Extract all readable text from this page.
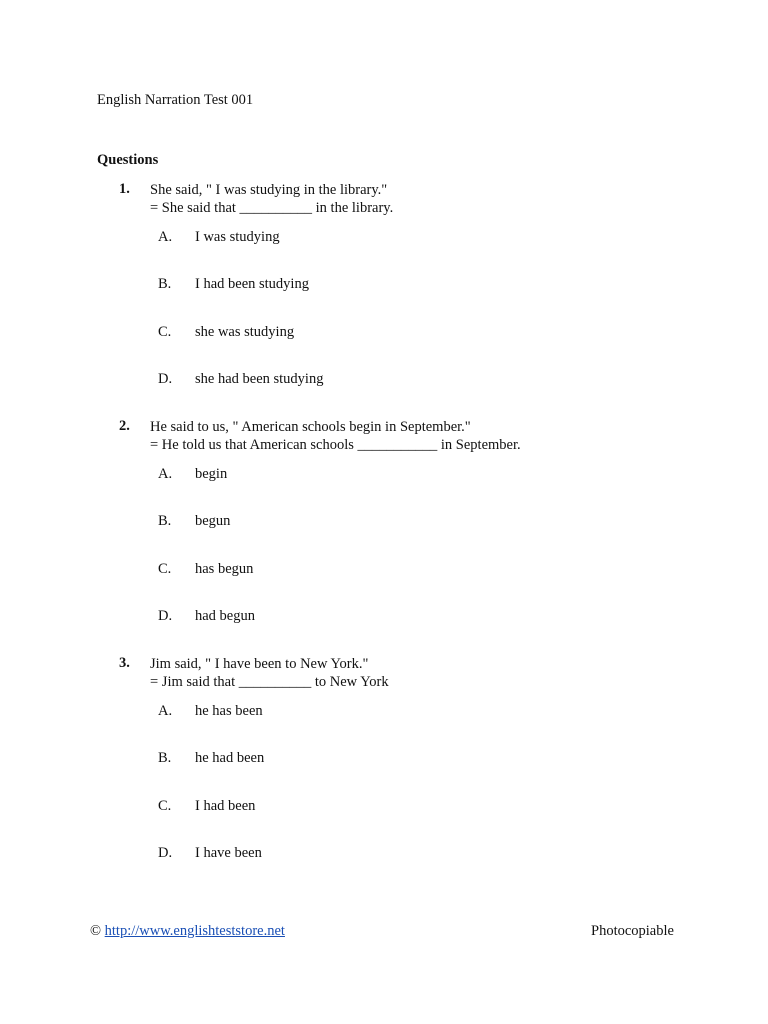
English Narration Test 001
Questions
1. She said, " I was studying in the library."
= She said that __________ in the library.
A. I was studying
B. I had been studying
C. she was studying
D. she had been studying
2. He said to us, " American schools begin in September."
= He told us that American schools ___________ in September.
A. begin
B. begun
C. has begun
D. had begun
3. Jim said, " I have been to New York."
= Jim said that __________ to New York
A. he has been
B. he had been
C. I had been
D. I have been
© http://www.englishteststore.net	Photocopiable
